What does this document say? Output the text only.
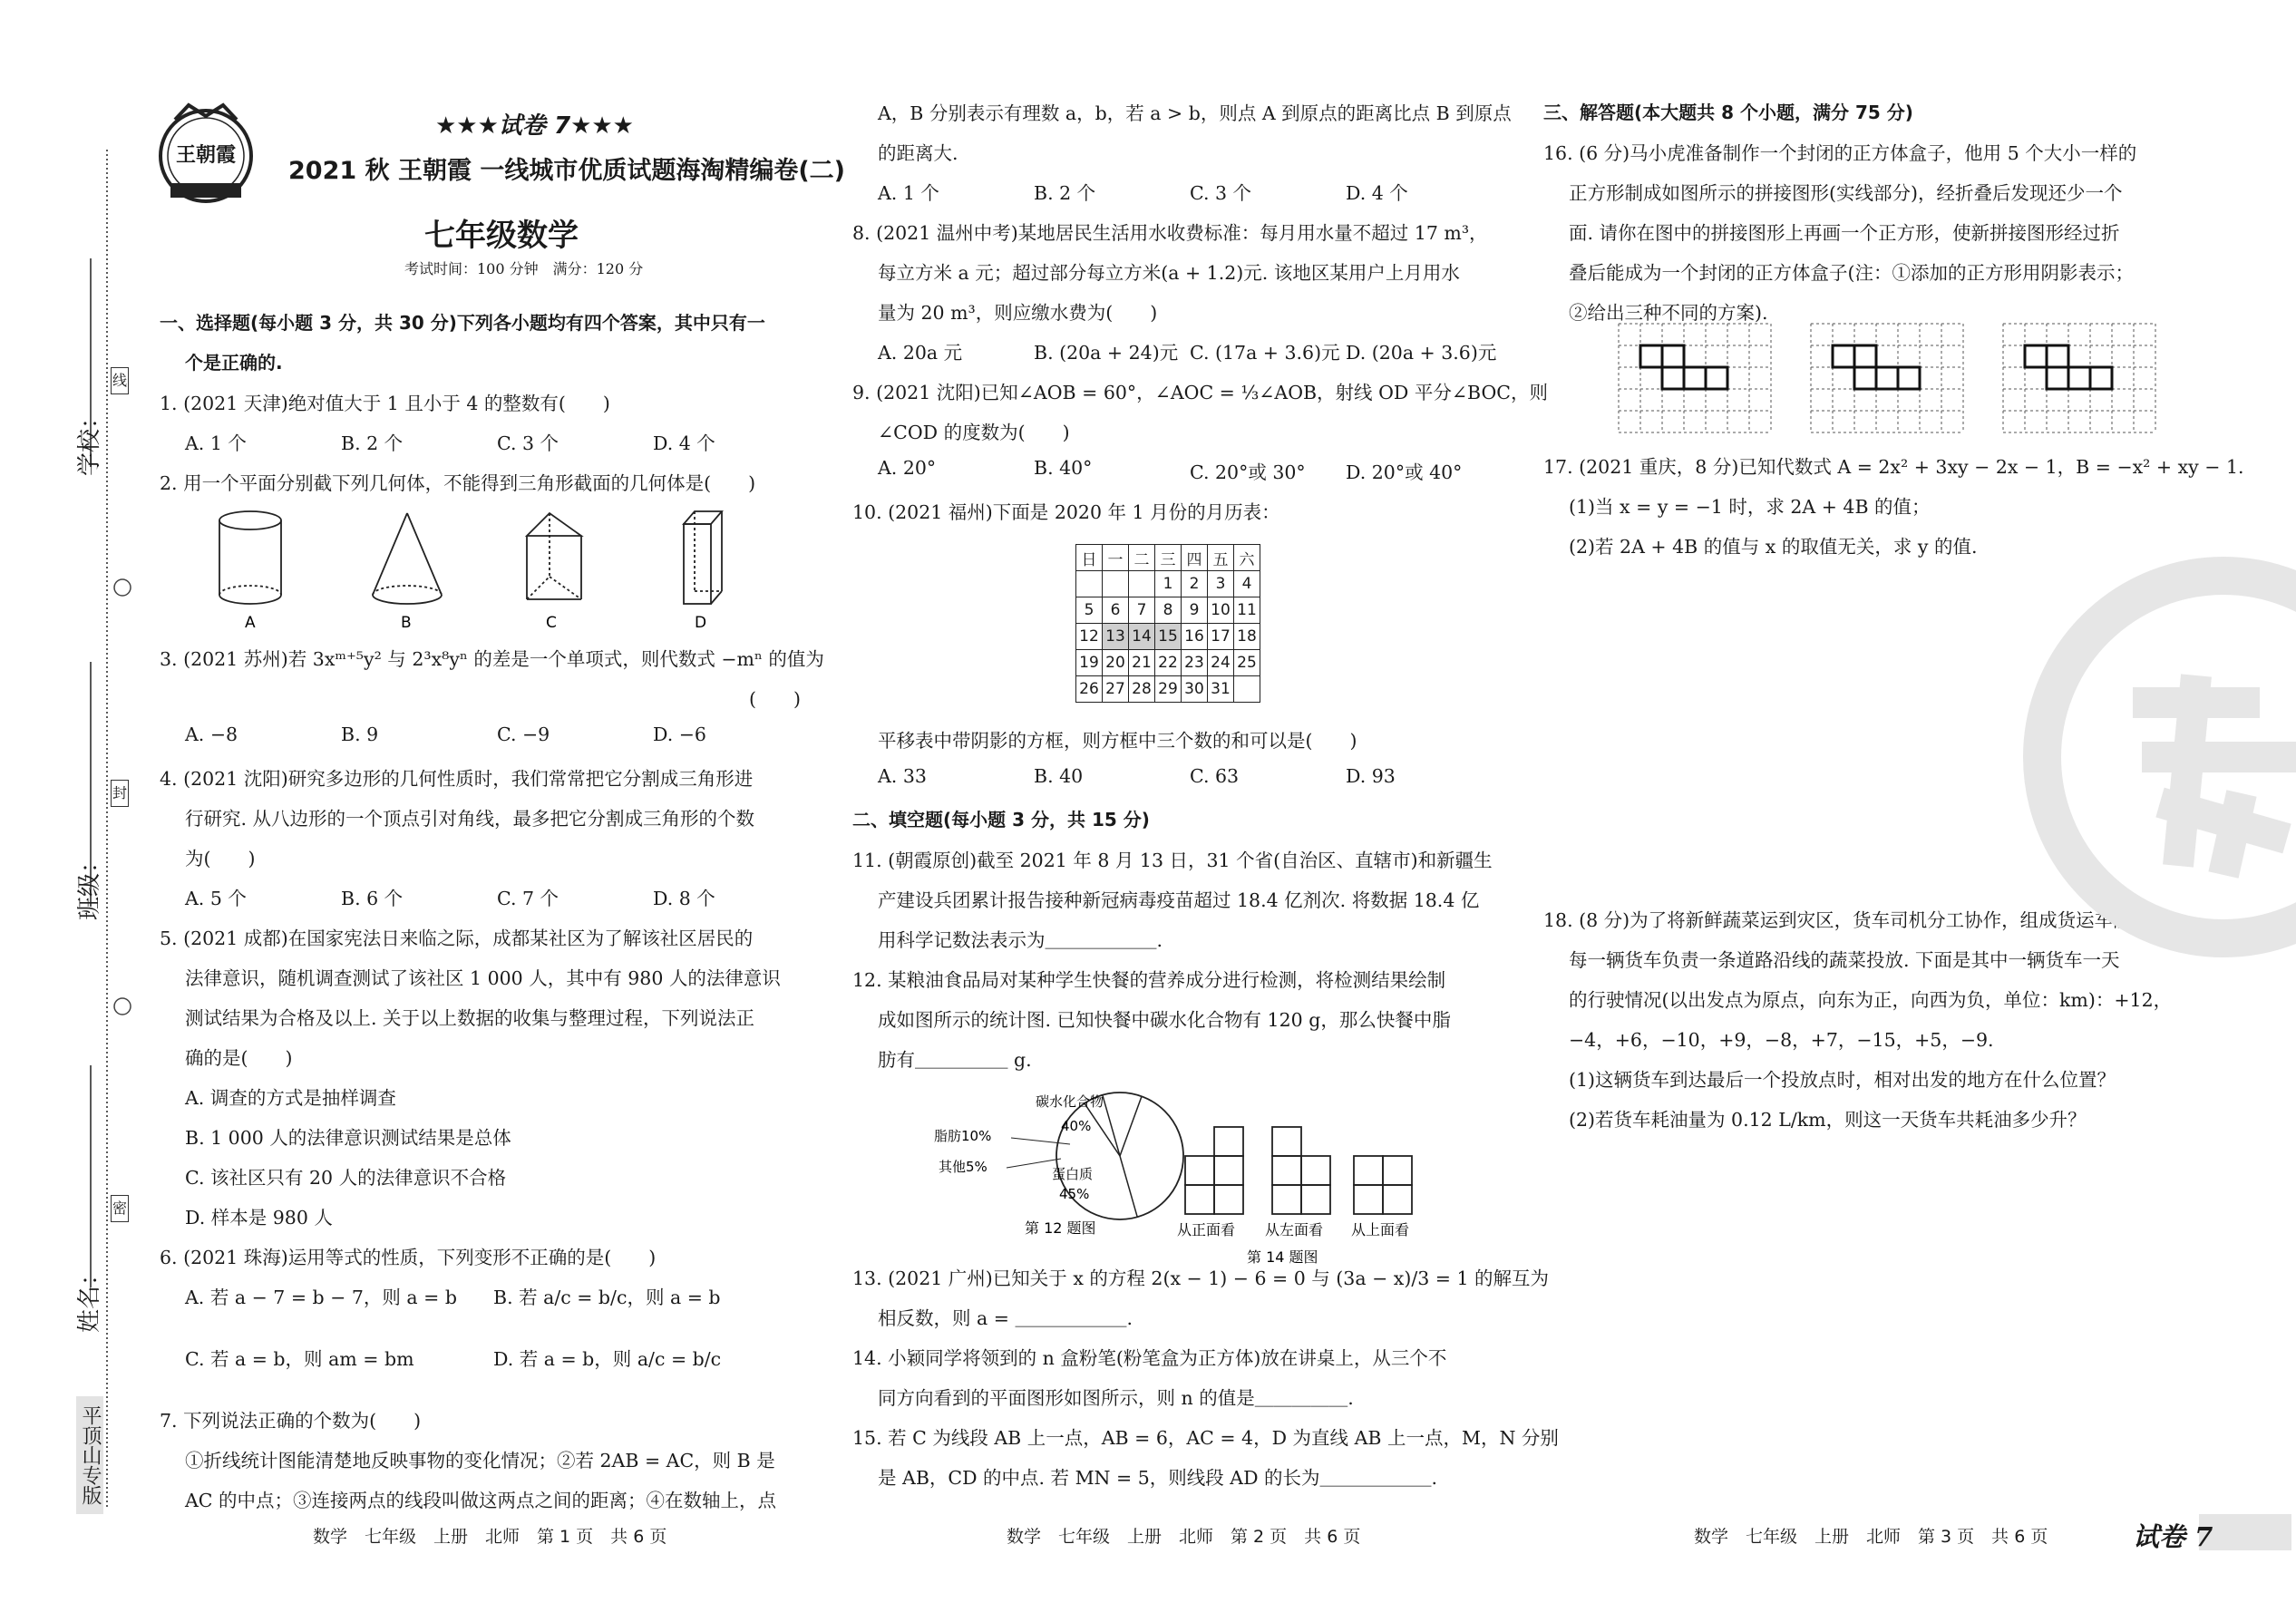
学校：
班级：
姓名：
线
封
密
平顶山专版
王朝霞
★★★试卷 7★★★
2021 秋 王朝霞 一线城市优质试题海淘精编卷(二)
七年级数学
考试时间：100 分钟　满分：120 分
一、选择题(每小题 3 分，共 30 分)下列各小题均有四个答案，其中只有一
个是正确的.
1. (2021 天津)绝对值大于 1 且小于 4 的整数有(　　)
A. 1 个	B. 2 个	C. 3 个	D. 4 个
2. 用一个平面分别截下列几何体，不能得到三角形截面的几何体是(　　)
A	B	C	D
3. (2021 苏州)若 3xᵐ⁺⁵y² 与 2³x⁸yⁿ 的差是一个单项式，则代数式 −mⁿ 的值为
(　　)
A. −8	B. 9	C. −9	D. −6
4. (2021 沈阳)研究多边形的几何性质时，我们常常把它分割成三角形进
行研究. 从八边形的一个顶点引对角线，最多把它分割成三角形的个数
为(　　)
A. 5 个	B. 6 个	C. 7 个	D. 8 个
5. (2021 成都)在国家宪法日来临之际，成都某社区为了解该社区居民的
法律意识，随机调查测试了该社区 1 000 人，其中有 980 人的法律意识
测试结果为合格及以上. 关于以上数据的收集与整理过程，下列说法正
确的是(　　)
A. 调查的方式是抽样调查
B. 1 000 人的法律意识测试结果是总体
C. 该社区只有 20 人的法律意识不合格
D. 样本是 980 人
6. (2021 珠海)运用等式的性质，下列变形不正确的是(　　)
A. 若 a − 7 = b − 7，则 a = b	B. 若 a/c = b/c，则 a = b
C. 若 a = b，则 am = bm	D. 若 a = b，则 a/c = b/c
7. 下列说法正确的个数为(　　)
①折线统计图能清楚地反映事物的变化情况；②若 2AB = AC，则 B 是
AC 的中点；③连接两点的线段叫做这两点之间的距离；④在数轴上，点
A，B 分别表示有理数 a，b，若 a > b，则点 A 到原点的距离比点 B 到原点
的距离大.
A. 1 个	B. 2 个	C. 3 个	D. 4 个
8. (2021 温州中考)某地居民生活用水收费标准：每月用水量不超过 17 m³，
每立方米 a 元；超过部分每立方米(a + 1.2)元. 该地区某用户上月用水
量为 20 m³，则应缴水费为(　　)
A. 20a 元	B. (20a + 24)元 C. (17a + 3.6)元 D. (20a + 3.6)元
9. (2021 沈阳)已知∠AOB = 60°，∠AOC = ⅓∠AOB，射线 OD 平分∠BOC，则
∠COD 的度数为(　　)
A. 20°	B. 40°	C. 20°或 30°	D. 20°或 40°
10. (2021 福州)下面是 2020 年 1 月份的月历表：
日	一	二	三	四	五	六
			1	2	3	4
5	6	7	8	9	10	11
12	13	14	15	16	17	18
19	20	21	22	23	24	25
26	27	28	29	30	31	
平移表中带阴影的方框，则方框中三个数的和可以是(　　)
A. 33	B. 40	C. 63	D. 93
二、填空题(每小题 3 分，共 15 分)
11. (朝霞原创)截至 2021 年 8 月 13 日，31 个省(自治区、直辖市)和新疆生
产建设兵团累计报告接种新冠病毒疫苗超过 18.4 亿剂次. 将数据 18.4 亿
用科学记数法表示为＿＿＿＿＿＿.
12. 某粮油食品局对某种学生快餐的营养成分进行检测，将检测结果绘制
成如图所示的统计图. 已知快餐中碳水化合物有 120 g，那么快餐中脂
肪有＿＿＿＿＿ g.
碳水化合物
40%
蛋白质
45%
脂肪10%
其他5%
第 12 题图	从正面看 从左面看 从上面看
第 14 题图
13. (2021 广州)已知关于 x 的方程 2(x − 1) − 6 = 0 与 (3a − x)/3 = 1 的解互为
相反数，则 a = ＿＿＿＿＿＿.
14. 小颖同学将领到的 n 盒粉笔(粉笔盒为正方体)放在讲桌上，从三个不
同方向看到的平面图形如图所示，则 n 的值是＿＿＿＿＿.
15. 若 C 为线段 AB 上一点，AB = 6，AC = 4，D 为直线 AB 上一点，M，N 分别
是 AB，CD 的中点. 若 MN = 5，则线段 AD 的长为＿＿＿＿＿＿.
三、解答题(本大题共 8 个小题，满分 75 分)
16. (6 分)马小虎准备制作一个封闭的正方体盒子，他用 5 个大小一样的
正方形制成如图所示的拼接图形(实线部分)，经折叠后发现还少一个
面. 请你在图中的拼接图形上再画一个正方形，使新拼接图形经过折
叠后能成为一个封闭的正方体盒子(注：①添加的正方形用阴影表示；
②给出三种不同的方案).
17. (2021 重庆，8 分)已知代数式 A = 2x² + 3xy − 2x − 1，B = −x² + xy − 1.
(1)当 x = y = −1 时，求 2A + 4B 的值；
(2)若 2A + 4B 的值与 x 的取值无关，求 y 的值.
18. (8 分)为了将新鲜蔬菜运到灾区，货车司机分工协作，组成货运车队，
每一辆货车负责一条道路沿线的蔬菜投放. 下面是其中一辆货车一天
的行驶情况(以出发点为原点，向东为正，向西为负，单位：km)：+12，
−4，+6，−10，+9，−8，+7，−15，+5，−9.
(1)这辆货车到达最后一个投放点时，相对出发的地方在什么位置？
(2)若货车耗油量为 0.12 L/km，则这一天货车共耗油多少升？
数学　七年级　上册　北师　第 1 页　共 6 页	数学　七年级　上册　北师　第 2 页　共 6 页	数学　七年级　上册　北师　第 3 页　共 6 页	试卷 7
